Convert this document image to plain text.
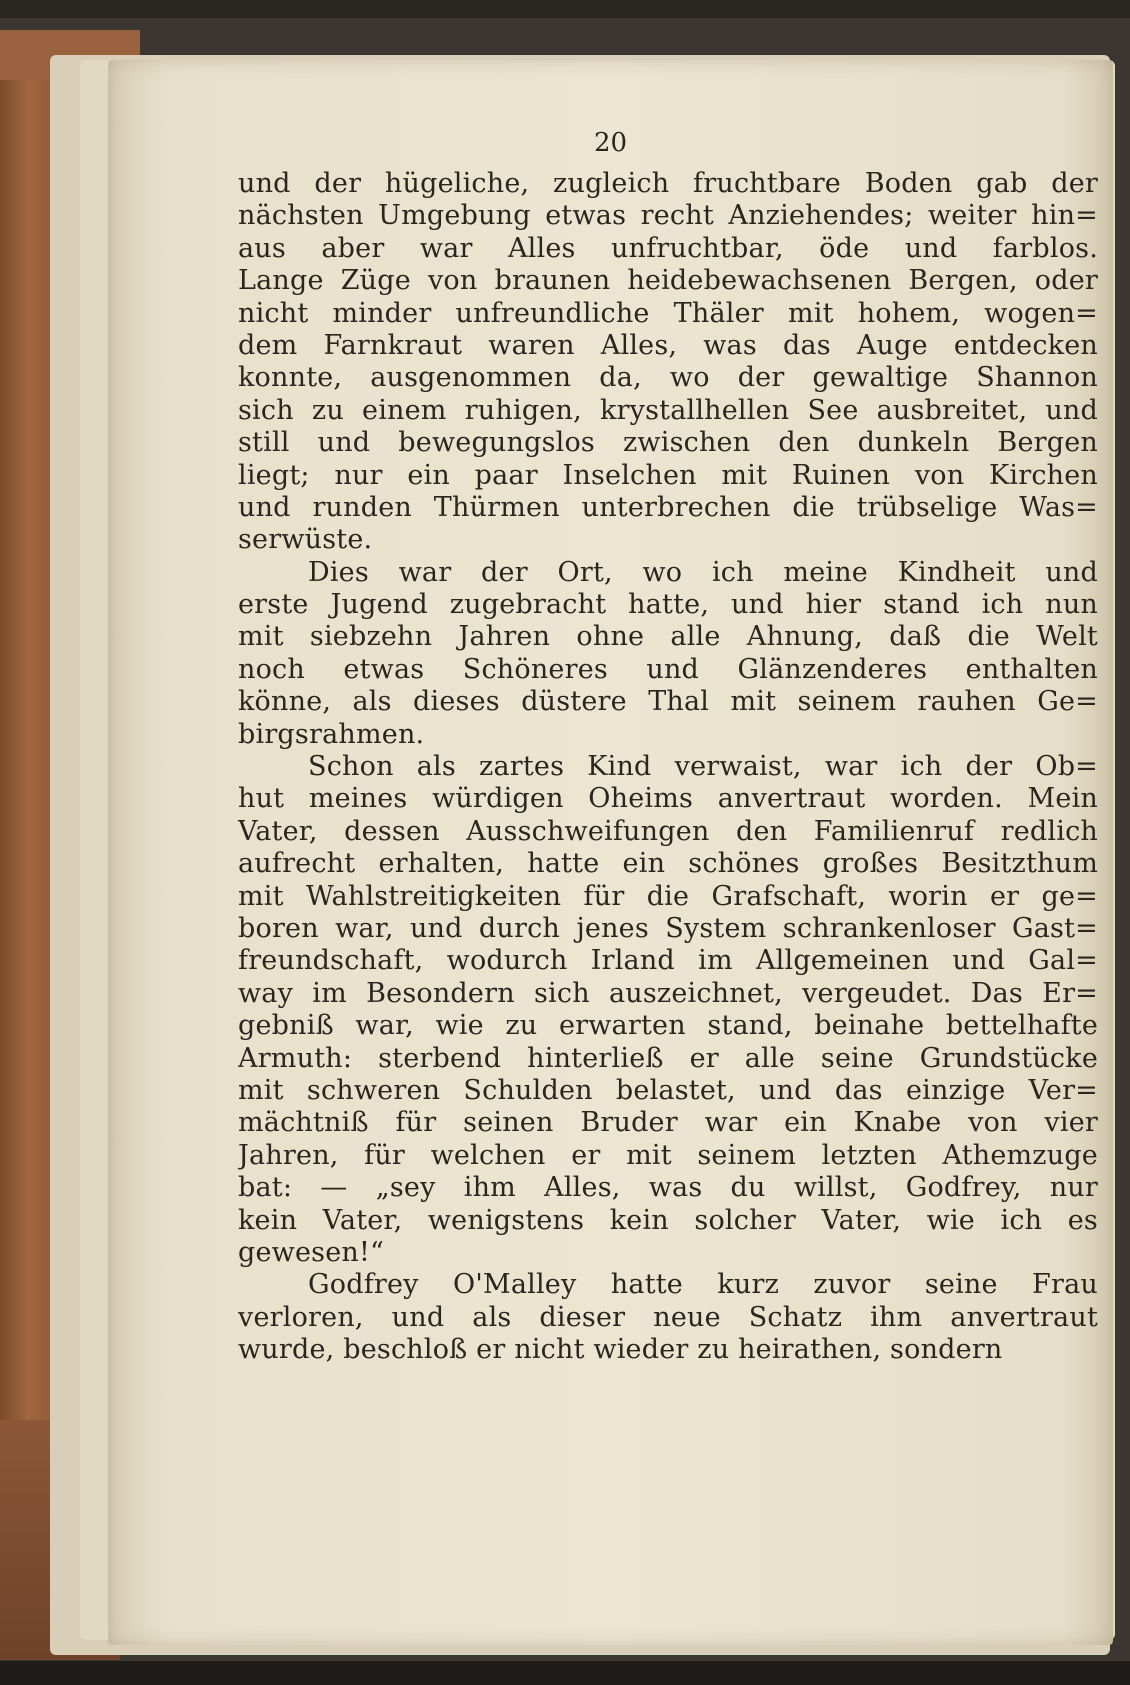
20
und der hügeliche, zugleich fruchtbare Boden gab der
nächsten Umgebung etwas recht Anziehendes; weiter hin=
aus aber war Alles unfruchtbar, öde und farblos.
Lange Züge von braunen heidebewachsenen Bergen, oder
nicht minder unfreundliche Thäler mit hohem, wogen=
dem Farnkraut waren Alles, was das Auge entdecken
konnte, ausgenommen da, wo der gewaltige Shannon
sich zu einem ruhigen, krystallhellen See ausbreitet, und
still und bewegungslos zwischen den dunkeln Bergen
liegt; nur ein paar Inselchen mit Ruinen von Kirchen
und runden Thürmen unterbrechen die trübselige Was=
serwüste.
Dies war der Ort, wo ich meine Kindheit und
erste Jugend zugebracht hatte, und hier stand ich nun
mit siebzehn Jahren ohne alle Ahnung, daß die Welt
noch etwas Schöneres und Glänzenderes enthalten
könne, als dieses düstere Thal mit seinem rauhen Ge=
birgsrahmen.
Schon als zartes Kind verwaist, war ich der Ob=
hut meines würdigen Oheims anvertraut worden. Mein
Vater, dessen Ausschweifungen den Familienruf redlich
aufrecht erhalten, hatte ein schönes großes Besitzthum
mit Wahlstreitigkeiten für die Grafschaft, worin er ge=
boren war, und durch jenes System schrankenloser Gast=
freundschaft, wodurch Irland im Allgemeinen und Gal=
way im Besondern sich auszeichnet, vergeudet. Das Er=
gebniß war, wie zu erwarten stand, beinahe bettelhafte
Armuth: sterbend hinterließ er alle seine Grundstücke
mit schweren Schulden belastet, und das einzige Ver=
mächtniß für seinen Bruder war ein Knabe von vier
Jahren, für welchen er mit seinem letzten Athemzuge
bat: — „sey ihm Alles, was du willst, Godfrey, nur
kein Vater, wenigstens kein solcher Vater, wie ich es
gewesen!“
Godfrey O'Malley hatte kurz zuvor seine Frau
verloren, und als dieser neue Schatz ihm anvertraut
wurde, beschloß er nicht wieder zu heirathen, sondern
